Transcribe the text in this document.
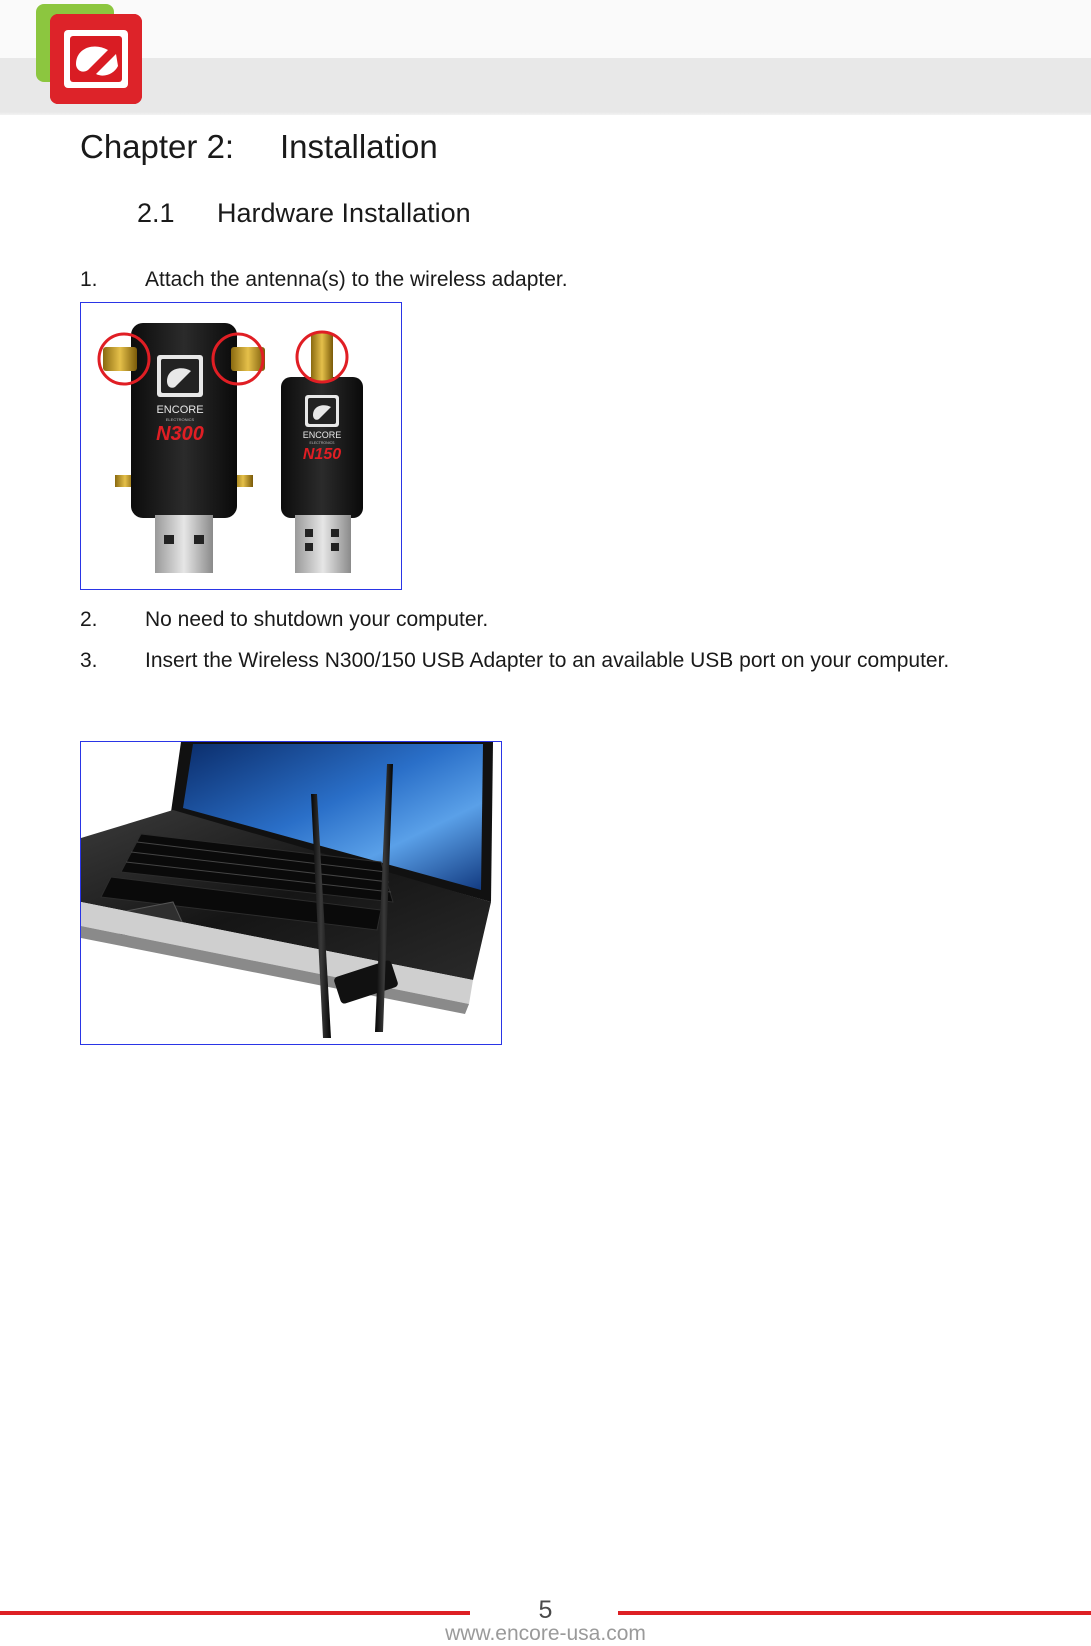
Chapter 2: Installation
2.1 Hardware Installation
1.	Attach the antenna(s) to the wireless adapter.
ENCORE
ELECTRONICS
N300	ENCORE
ELECTRONICS
N150
2.	No need to shutdown your computer.
3.	Insert the Wireless N300/150 USB Adapter to an available USB port on your computer.
5
www.encore-usa.com
